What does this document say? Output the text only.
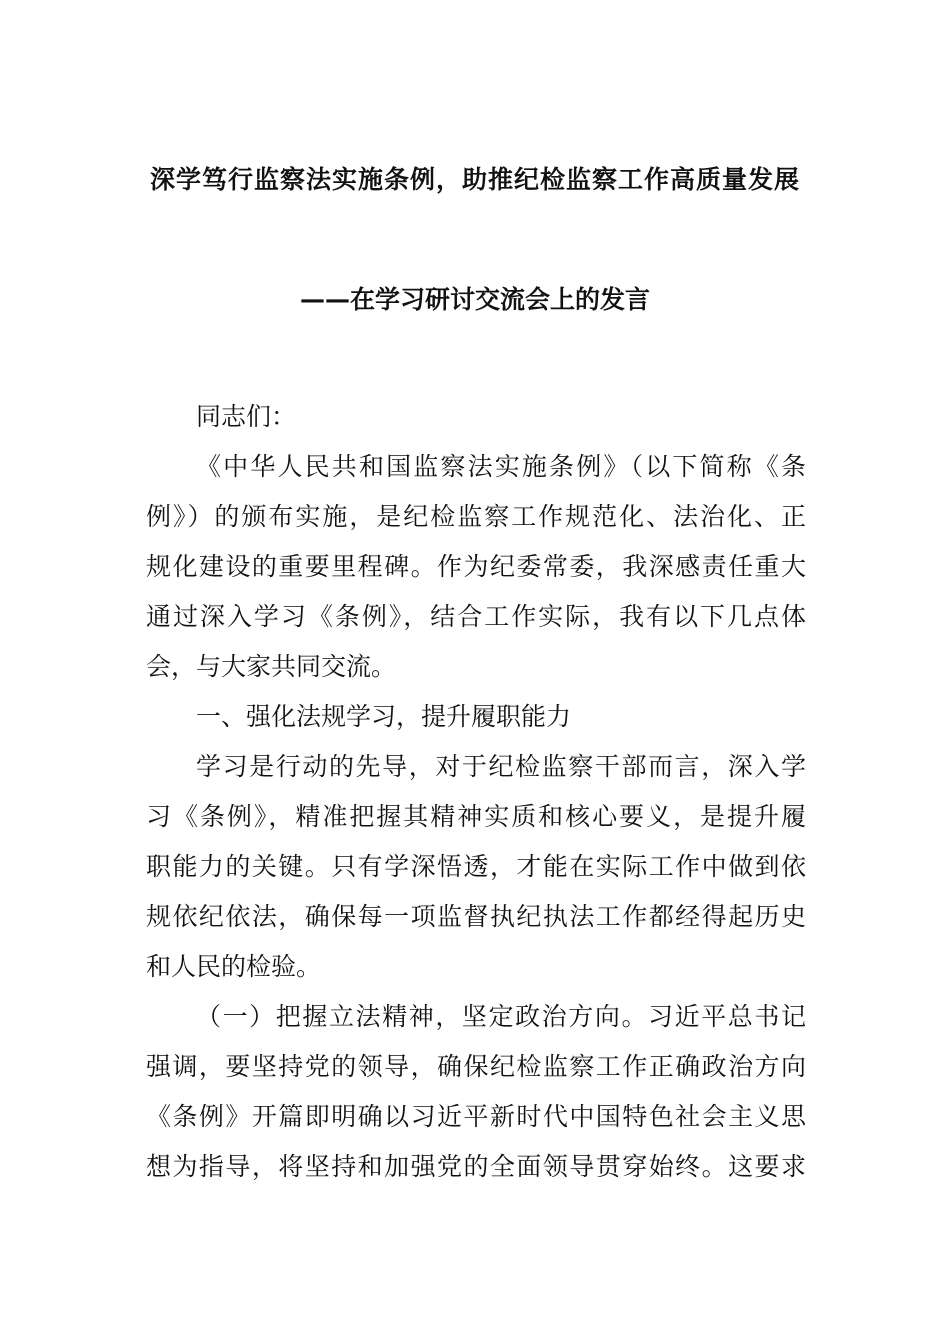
深学笃行监察法实施条例，助推纪检监察工作高质量发展
——在学习研讨交流会上的发言

同志们：

《中华人民共和国监察法实施条例》（以下简称《条

例》）的颁布实施，是纪检监察工作规范化、法治化、正

规化建设的重要里程碑。作为纪委常委，我深感责任重大

通过深入学习《条例》，结合工作实际，我有以下几点体

会，与大家共同交流。

一、强化法规学习，提升履职能力

学习是行动的先导，对于纪检监察干部而言，深入学

习《条例》，精准把握其精神实质和核心要义，是提升履

职能力的关键。只有学深悟透，才能在实际工作中做到依

规依纪依法，确保每一项监督执纪执法工作都经得起历史

和人民的检验。

（一）把握立法精神，坚定政治方向。习近平总书记

强调，要坚持党的领导，确保纪检监察工作正确政治方向

《条例》开篇即明确以习近平新时代中国特色社会主义思

想为指导，将坚持和加强党的全面领导贯穿始终。这要求
